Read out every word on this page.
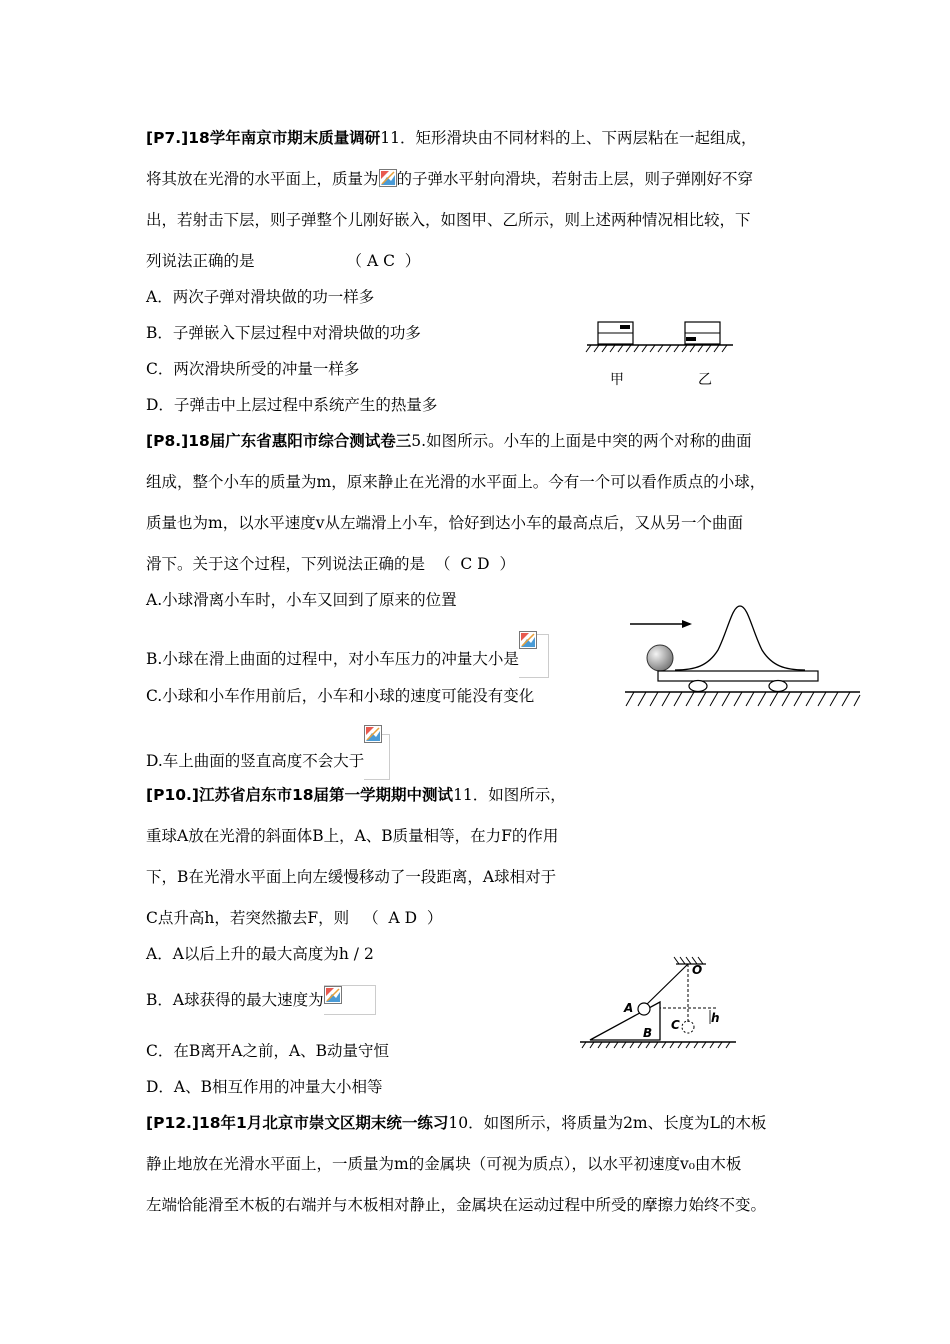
[P7.]18学年南京市期末质量调研11．矩形滑块由不同材料的上、下两层粘在一起组成，
将其放在光滑的水平面上，质量为 的子弹水平射向滑块，若射击上层，则子弹刚好不穿
出，若射击下层，则子弹整个儿刚好嵌入，如图甲、乙所示，则上述两种情况相比较，下
列说法正确的是	（ A C  ）
A．两次子弹对滑块做的功一样多
B．子弹嵌入下层过程中对滑块做的功多
C．两次滑块所受的冲量一样多
D．子弹击中上层过程中系统产生的热量多
甲	乙
[P8.]18届广东省惠阳市综合测试卷三5.如图所示。小车的上面是中突的两个对称的曲面
组成，整个小车的质量为m，原来静止在光滑的水平面上。今有一个可以看作质点的小球，
质量也为m，以水平速度v从左端滑上小车，恰好到达小车的最高点后，又从另一个曲面
滑下。关于这个过程，下列说法正确的是 （  C D  ）
A.小球滑离小车时，小车又回到了原来的位置
B.小球在滑上曲面的过程中，对小车压力的冲量大小是
C.小球和小车作用前后，小车和小球的速度可能没有变化
D.车上曲面的竖直高度不会大于
[P10.]江苏省启东市18届第一学期期中测试11．如图所示，
重球A放在光滑的斜面体B上，A、B质量相等，在力F的作用
下，B在光滑水平面上向左缓慢移动了一段距离，A球相对于
C点升高h，若突然撤去F，则 （  A D  ）
A．A以后上升的最大高度为h / 2
B．A球获得的最大速度为
C．在B离开A之前，A、B动量守恒
D．A、B相互作用的冲量大小相等
O
A
B
C	h
[P12.]18年1月北京市崇文区期末统一练习10．如图所示，将质量为2m、长度为L的木板
静止地放在光滑水平面上，一质量为m的金属块（可视为质点），以水平初速度v₀由木板
左端恰能滑至木板的右端并与木板相对静止，金属块在运动过程中所受的摩擦力始终不变。
